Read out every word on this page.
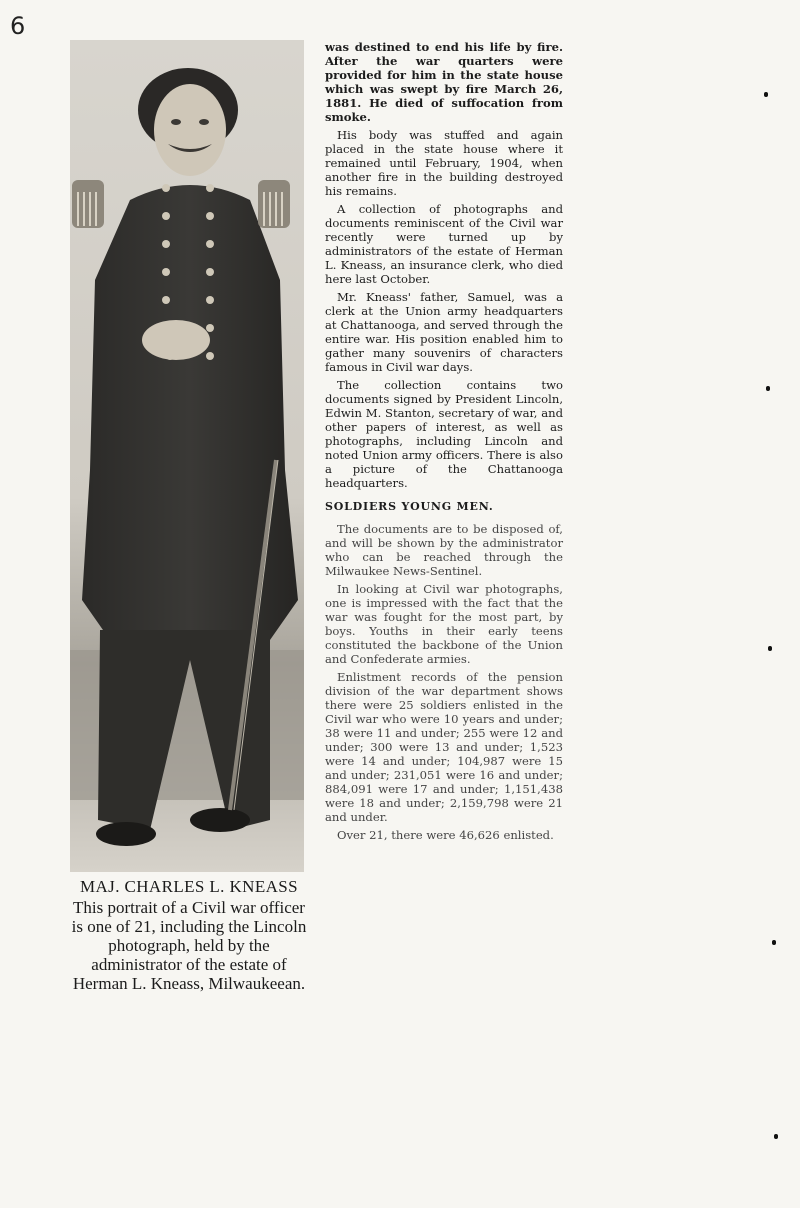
6
MAJ. CHARLES L. KNEASS
This portrait of a Civil war officer is one of 21, including the Lincoln photograph, held by the administrator of the estate of Herman L. Kneass, Milwaukeean.

was destined to end his life by fire. After the war quarters were provided for him in the state house which was swept by fire March 26, 1881. He died of suffocation from smoke.

His body was stuffed and again placed in the state house where it remained until February, 1904, when another fire in the building destroyed his remains.

A collection of photographs and documents reminiscent of the Civil war recently were turned up by administrators of the estate of Herman L. Kneass, an insurance clerk, who died here last October.

Mr. Kneass' father, Samuel, was a clerk at the Union army headquarters at Chattanooga, and served through the entire war. His position enabled him to gather many souvenirs of characters famous in Civil war days.

The collection contains two documents signed by President Lincoln, Edwin M. Stanton, secretary of war, and other papers of interest, as well as photographs, including Lincoln and noted Union army officers. There is also a picture of the Chattanooga headquarters.

SOLDIERS YOUNG MEN.

The documents are to be disposed of, and will be shown by the administrator who can be reached through the Milwaukee News-Sentinel.

In looking at Civil war photographs, one is impressed with the fact that the war was fought for the most part, by boys. Youths in their early teens constituted the backbone of the Union and Confederate armies.

Enlistment records of the pension division of the war department shows there were 25 soldiers enlisted in the Civil war who were 10 years and under; 38 were 11 and under; 255 were 12 and under; 300 were 13 and under; 1,523 were 14 and under; 104,987 were 15 and under; 231,051 were 16 and under; 884,091 were 17 and under; 1,151,438 were 18 and under; 2,159,798 were 21 and under.

Over 21, there were 46,626 enlisted.
